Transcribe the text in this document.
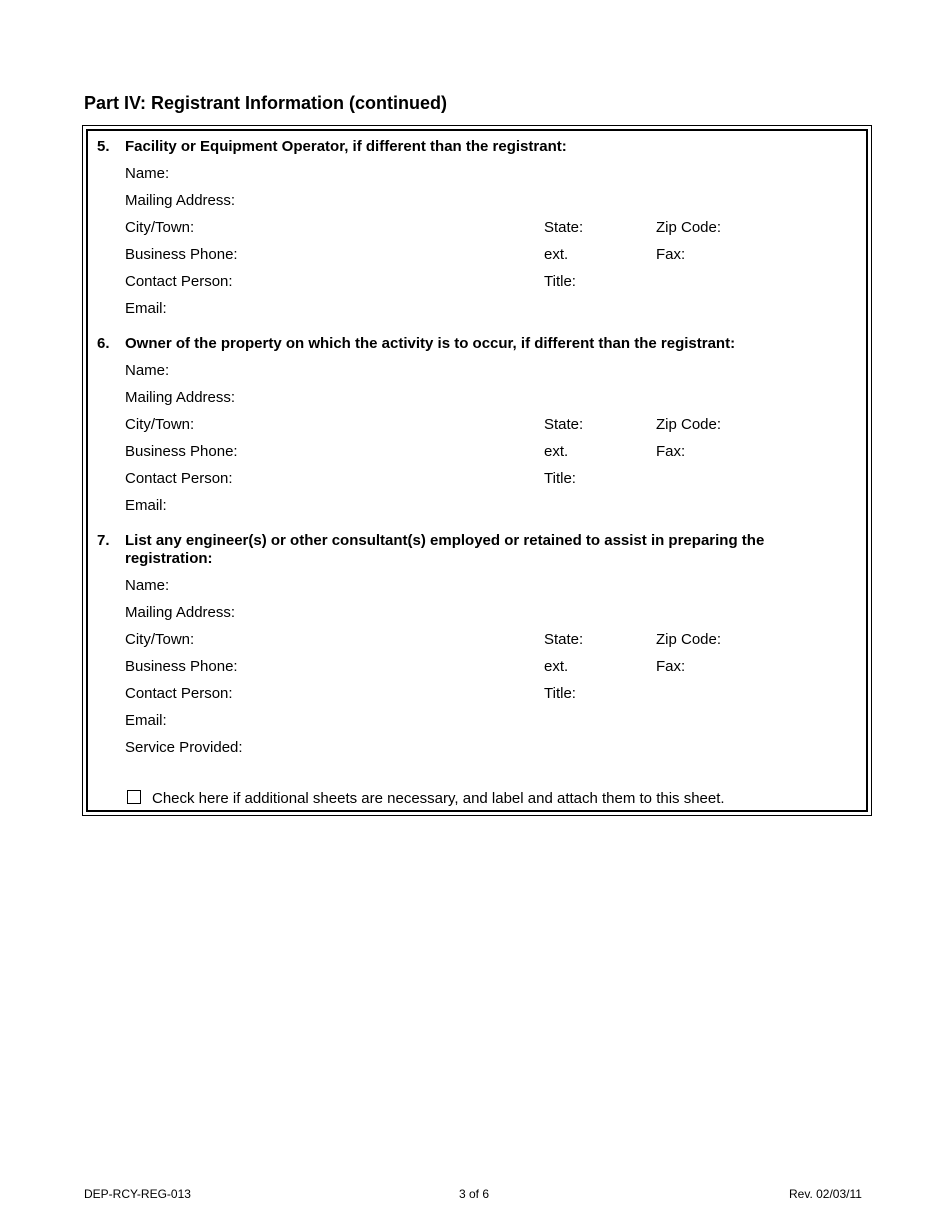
Part IV: Registrant Information (continued)
5. Facility or Equipment Operator, if different than the registrant:
Name:
Mailing Address:
City/Town:	State:	Zip Code:
Business Phone:	ext.	Fax:
Contact Person:	Title:
Email:
6. Owner of the property on which the activity is to occur, if different than the registrant:
Name:
Mailing Address:
City/Town:	State:	Zip Code:
Business Phone:	ext.	Fax:
Contact Person:	Title:
Email:
7. List any engineer(s) or other consultant(s) employed or retained to assist in preparing the registration:
Name:
Mailing Address:
City/Town:	State:	Zip Code:
Business Phone:	ext.	Fax:
Contact Person:	Title:
Email:
Service Provided:
Check here if additional sheets are necessary, and label and attach them to this sheet.
DEP-RCY-REG-013	3 of 6	Rev. 02/03/11
